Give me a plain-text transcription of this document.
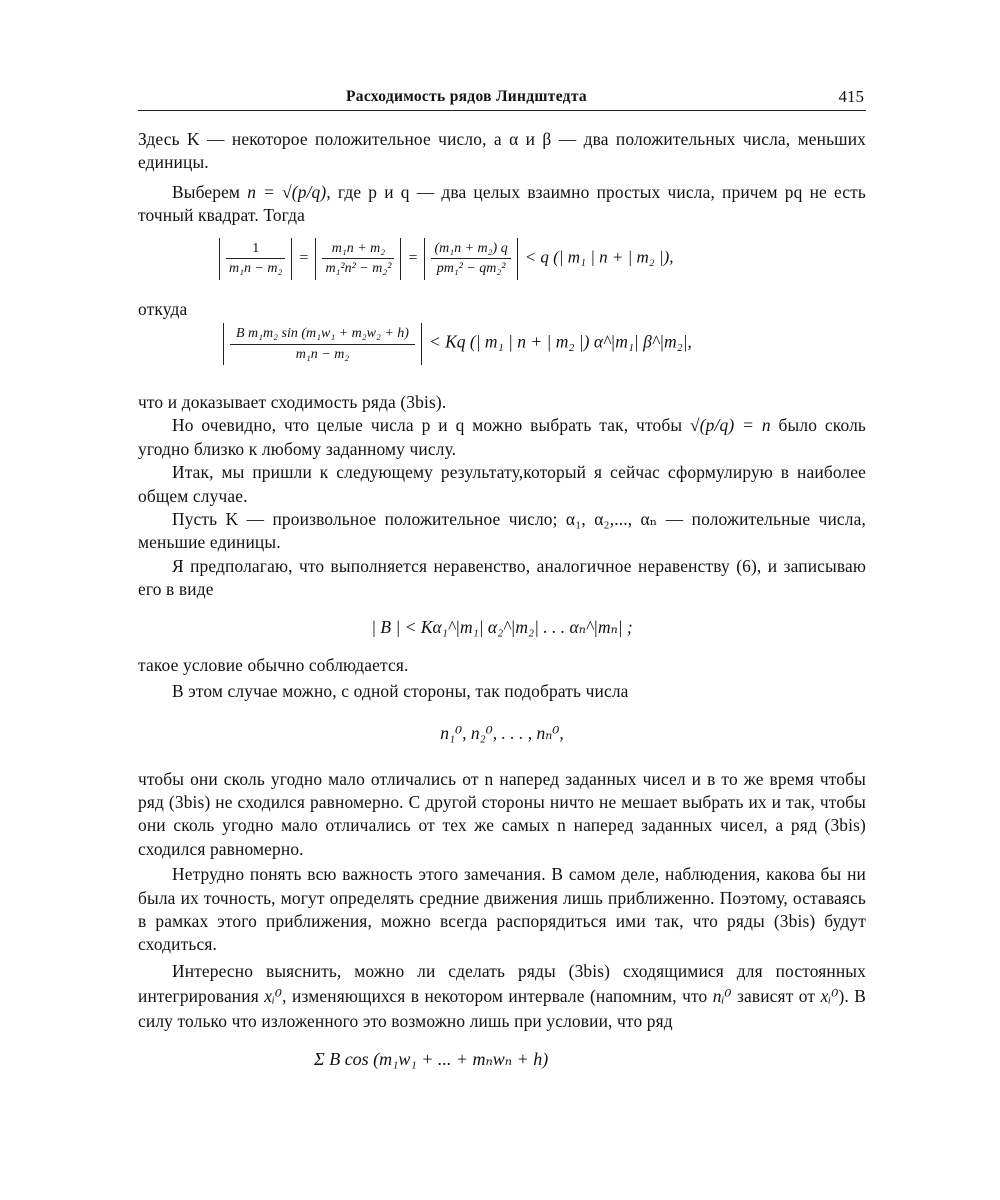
Расходимость рядов Линдштедта	415

Здесь K — некоторое положительное число, а α и β — два положительных числа, меньших единицы.

Выберем n = √(p/q), где p и q — два целых взаимно простых числа, причем pq не есть точный квадрат. Тогда

$\frac{1}{\text{m₁n − m₂}} = \frac{\text{m₁n + m₂}}{\text{m₁²n² − m₂²}} = \frac{\text{(m₁n + m₂) q}}{\text{pm₁² − qm₂²}} < q$ (| m₁ | n + | m₂ |),

откуда

$\frac{\text{B m₁m₂ sin (m₁w₁ + m₂w₂ + h)}}{\text{m₁n − m₂}} < Kq$ (| m₁ | n + | m₂ |) α^|m₁| β^|m₂|,

что и доказывает сходимость ряда (3bis).

Но очевидно, что целые числа p и q можно выбрать так, чтобы √(p/q) = n было сколь угодно близко к любому заданному числу.

Итак, мы пришли к следующему результату,который я сейчас сформулирую в наиболее общем случае.

Пусть K — произвольное положительное число; α₁, α₂,..., αₙ — положительные числа, меньшие единицы.

Я предполагаю, что выполняется неравенство, аналогичное неравенству (6), и записываю его в виде

| B | < Kα₁^|m₁| α₂^|m₂| . . . αₙ^|mₙ| ;

такое условие обычно соблюдается.

В этом случае можно, с одной стороны, так подобрать числа

n₁⁰, n₂⁰, . . . , nₙ⁰,

чтобы они сколь угодно мало отличались от n наперед заданных чисел и в то же время чтобы ряд (3bis) не сходился равномерно. С другой стороны ничто не мешает выбрать их и так, чтобы они сколь угодно мало отличались от тех же самых n наперед заданных чисел, а ряд (3bis) сходился равномерно.

Нетрудно понять всю важность этого замечания. В самом деле, наблюдения, какова бы ни была их точность, могут определять средние движения лишь приближенно. Поэтому, оставаясь в рамках этого приближения, можно всегда распорядиться ими так, что ряды (3bis) будут сходиться.

Интересно выяснить, можно ли сделать ряды (3bis) сходящимися для постоянных интегрирования xᵢ⁰, изменяющихся в некотором интервале (напомним, что nᵢ⁰ зависят от xᵢ⁰). В силу только что изложенного это возможно лишь при условии, что ряд

Σ B cos (m₁w₁ + ... + mₙwₙ + h)
